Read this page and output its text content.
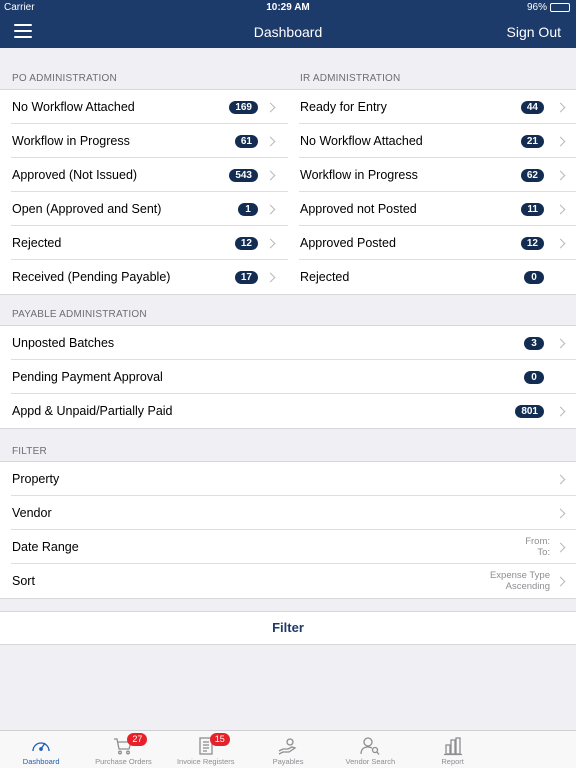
Carrier	10:29 AM	96%
Dashboard	Sign Out
PO ADMINISTRATION	IR ADMINISTRATION
No Workflow Attached	169
Workflow in Progress	61
Approved (Not Issued)	543
Open (Approved and Sent)	1
Rejected	12
Received (Pending Payable)	17
Ready for Entry	44
No Workflow Attached	21
Workflow in Progress	62
Approved not Posted	11
Approved Posted	12
Rejected	0
PAYABLE ADMINISTRATION
Unposted Batches	3
Pending Payment Approval	0
Appd & Unpaid/Partially Paid	801
FILTER
Property
Vendor
Date Range	From:
To:
Sort	Expense Type
Ascending
Filter
Dashboard
27
Purchase Orders
15
Invoice Registers	Payables	Vendor Search	Report
